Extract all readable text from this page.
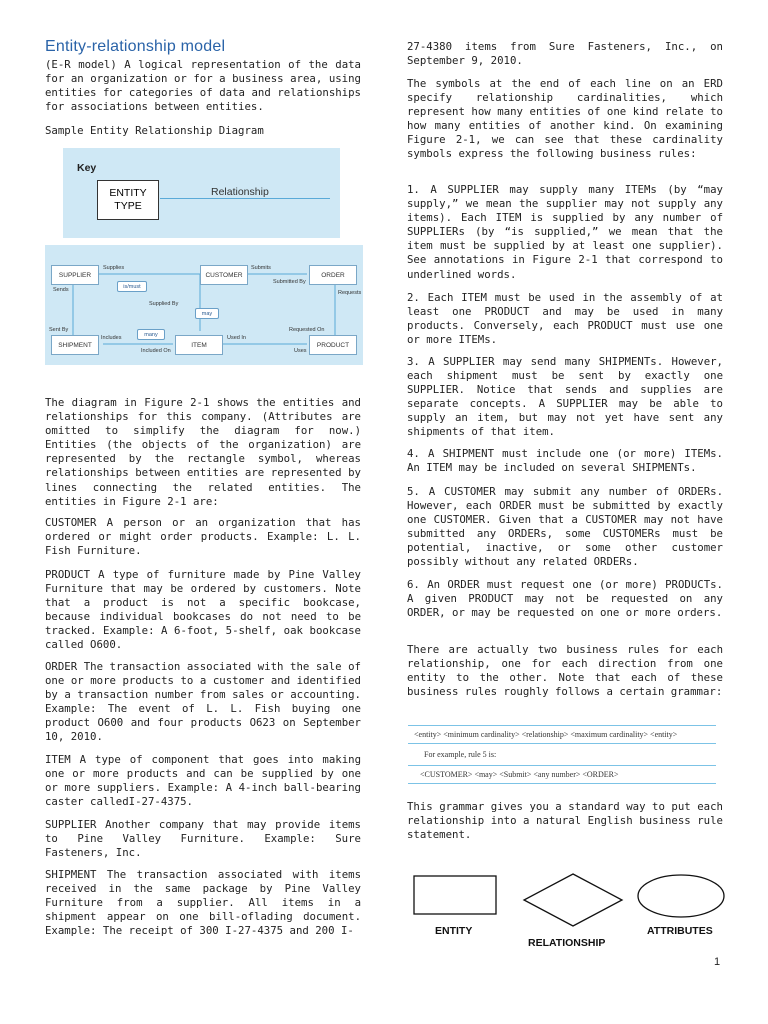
Entity-relationship model

(E-R model) A logical representation of the data for an organization or for a business area, using entities for categories of data and relationships for associations between entities.

Sample Entity Relationship Diagram

Key
ENTITY TYPE
Relationship
SUPPLIER	CUSTOMER	ORDER
SHIPMENT	ITEM	PRODUCT
Supplies
is/must
Sends
Supplied By
may
Submits
Submitted By
Requests
Sent By
Includes
many
Included On
Used In
Requested On
Uses

The diagram in Figure 2-1 shows the entities and relationships for this company. (Attributes are omitted to simplify the diagram for now.) Entities (the objects of the organization) are represented by the rectangle symbol, whereas relationships between entities are represented by lines connecting the related entities. The entities in Figure 2-1 are:

CUSTOMER A person or an organization that has ordered or might order products. Example: L. L. Fish Furniture.

PRODUCT A type of furniture made by Pine Valley Furniture that may be ordered by customers. Note that a product is not a specific bookcase, because individual bookcases do not need to be tracked. Example: A 6-foot, 5-shelf, oak bookcase called O600.

ORDER The transaction associated with the sale of one or more products to a customer and identified by a transaction number from sales or accounting. Example: The event of L. L. Fish buying one product O600 and four products O623 on September 10, 2010.

ITEM A type of component that goes into making one or more products and can be supplied by one or more suppliers. Example: A 4-inch ball-bearing caster calledI-27-4375.

SUPPLIER Another company that may provide items to Pine Valley Furniture. Example: Sure Fasteners, Inc.

SHIPMENT The transaction associated with items received in the same package by Pine Valley Furniture from a supplier. All items in a shipment appear on one bill-oflading document. Example: The receipt of 300 I-27-4375 and 200 I-

27-4380 items from Sure Fasteners, Inc., on September 9, 2010.

The symbols at the end of each line on an ERD specify relationship cardinalities, which represent how many entities of one kind relate to how many entities of another kind. On examining Figure 2-1, we can see that these cardinality symbols express the following business rules:

1. A SUPPLIER may supply many ITEMs (by “may supply,” we mean the supplier may not supply any items). Each ITEM is supplied by any number of SUPPLIERs (by “is supplied,” we mean that the item must be supplied by at least one supplier). See annotations in Figure 2-1 that correspond to underlined words.

2. Each ITEM must be used in the assembly of at least one PRODUCT and may be used in many products. Conversely, each PRODUCT must use one or more ITEMs.

3. A SUPPLIER may send many SHIPMENTs. However, each shipment must be sent by exactly one SUPPLIER. Notice that sends and supplies are separate concepts. A SUPPLIER may be able to supply an item, but may not yet have sent any shipments of that item.

4. A SHIPMENT must include one (or more) ITEMs. An ITEM may be included on several SHIPMENTs.

5. A CUSTOMER may submit any number of ORDERs. However, each ORDER must be submitted by exactly one CUSTOMER. Given that a CUSTOMER may not have submitted any ORDERs, some CUSTOMERs must be potential, inactive, or some other customer possibly without any related ORDERs.

6. An ORDER must request one (or more) PRODUCTs. A given PRODUCT may not be requested on any ORDER, or may be requested on one or more orders.

There are actually two business rules for each relationship, one for each direction from one entity to the other. Note that each of these business rules roughly follows a certain grammar:

<entity> <minimum cardinality> <relationship> <maximum cardinality> <entity>
For example, rule 5 is:
<CUSTOMER> <may> <Submit> <any number> <ORDER>

This grammar gives you a standard way to put each relationship into a natural English business rule statement.

ENTITY
RELATIONSHIP
ATTRIBUTES
1
